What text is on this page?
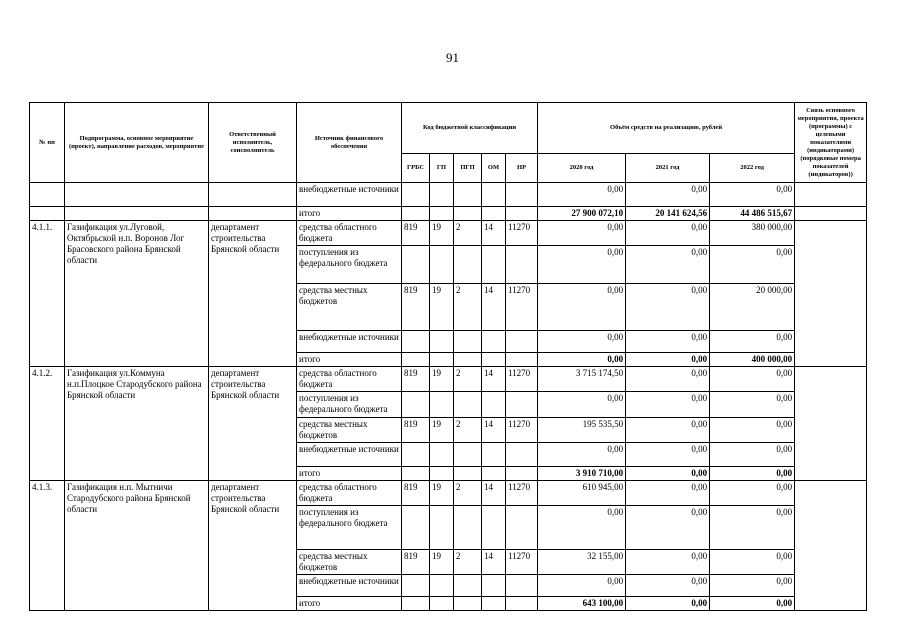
91
№ пп	Подпрограмма, основное мероприятие (проект), направление расходов, мероприятие	Ответственный исполнитель, соисполнитель	Источник финансового обеспечения	Код бюджетной классификации					Объём средств на реализацию, рублей			Связь основного мероприятия, проекта (программы) с целевыми показателями (индикаторами) (порядковые номера показателей (индикаторов))
				ГРБС	ГП	ПГП	ОМ	НР	2020 год	2021 год	2022 год	
			внебюджетные источники						0,00	0,00	0,00	
			итого						27 900 072,10	20 141 624,56	44 486 515,67	
4.1.1.	Газификация ул.Луговой, Октябрьской н.п. Воронов Лог Брасовского района Брянской области	департамент строительства Брянской области	средства областного бюджета	819	19	2	14	11270	0,00	0,00	380 000,00	
			поступления из федерального бюджета						0,00	0,00	0,00	
			средства местных бюджетов	819	19	2	14	11270	0,00	0,00	20 000,00	
			внебюджетные источники						0,00	0,00	0,00	
			итого						0,00	0,00	400 000,00	
4.1.2.	Газификация ул.Коммуна н.п.Плоцкое Стародубского района Брянской области	департамент строительства Брянской области	средства областного бюджета	819	19	2	14	11270	3 715 174,50	0,00	0,00	
			поступления из федерального бюджета						0,00	0,00	0,00	
			средства местных бюджетов	819	19	2	14	11270	195 535,50	0,00	0,00	
			внебюджетные источники						0,00	0,00	0,00	
			итого						3 910 710,00	0,00	0,00	
4.1.3.	Газификация н.п. Мытничи Стародубского района Брянской области	департамент строительства Брянской области	средства областного бюджета	819	19	2	14	11270	610 945,00	0,00	0,00	
			поступления из федерального бюджета						0,00	0,00	0,00	
			средства местных бюджетов	819	19	2	14	11270	32 155,00	0,00	0,00	
			внебюджетные источники						0,00	0,00	0,00	
			итого						643 100,00	0,00	0,00	
